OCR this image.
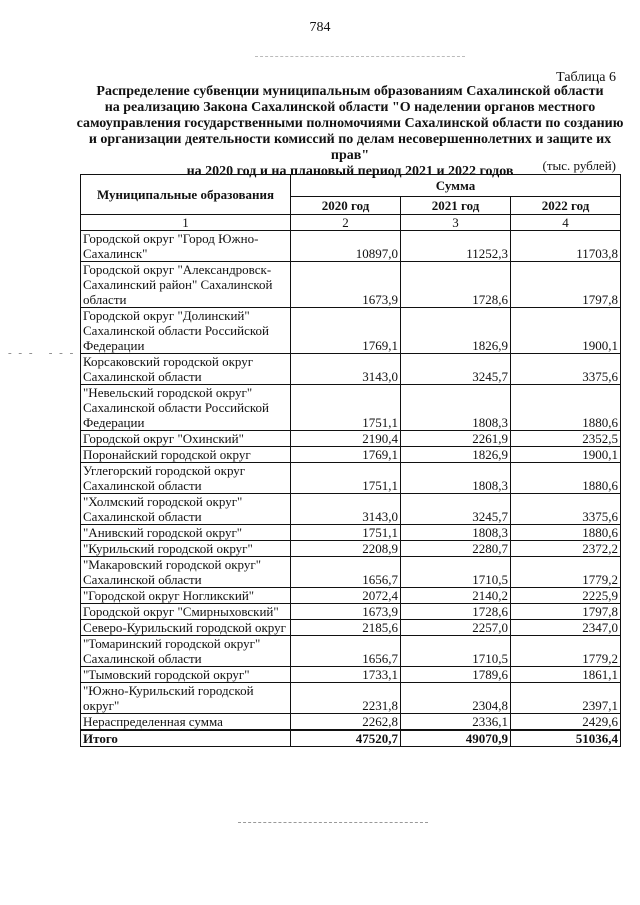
784
Таблица 6
Распределение субвенции муниципальным образованиям Сахалинской области
на реализацию Закона Сахалинской области "О наделении органов местного
самоуправления государственными полномочиями Сахалинской области по созданию
и организации деятельности комиссий по делам несовершеннолетних и защите их прав"
на 2020 год и на плановый период 2021 и 2022 годов	(тыс. рублей)
- - -   - - -
Муниципальные образования	Сумма		
	2020 год	2021 год	2022 год
1	2	3	4
Городской округ "Город Южно-Сахалинск"	10897,0	11252,3	11703,8
Городской округ "Александровск-Сахалинский район" Сахалинской области	1673,9	1728,6	1797,8
Городской округ "Долинский" Сахалинской области Российской Федерации	1769,1	1826,9	1900,1
Корсаковский городской округ Сахалинской области	3143,0	3245,7	3375,6
"Невельский городской округ" Сахалинской области Российской Федерации	1751,1	1808,3	1880,6
Городской округ "Охинский"	2190,4	2261,9	2352,5
Поронайский городской округ	1769,1	1826,9	1900,1
Углегорский городской округ Сахалинской области	1751,1	1808,3	1880,6
"Холмский городской округ" Сахалинской области	3143,0	3245,7	3375,6
"Анивский городской округ"	1751,1	1808,3	1880,6
"Курильский городской округ"	2208,9	2280,7	2372,2
"Макаровский городской округ" Сахалинской области	1656,7	1710,5	1779,2
"Городской округ Ногликский"	2072,4	2140,2	2225,9
Городской округ "Смирныховский"	1673,9	1728,6	1797,8
Северо-Курильский городской округ	2185,6	2257,0	2347,0
"Томаринский городской округ" Сахалинской области	1656,7	1710,5	1779,2
"Тымовский городской округ"	1733,1	1789,6	1861,1
"Южно-Курильский городской округ"	2231,8	2304,8	2397,1
Нераспределенная сумма	2262,8	2336,1	2429,6
Итого	47520,7	49070,9	51036,4
